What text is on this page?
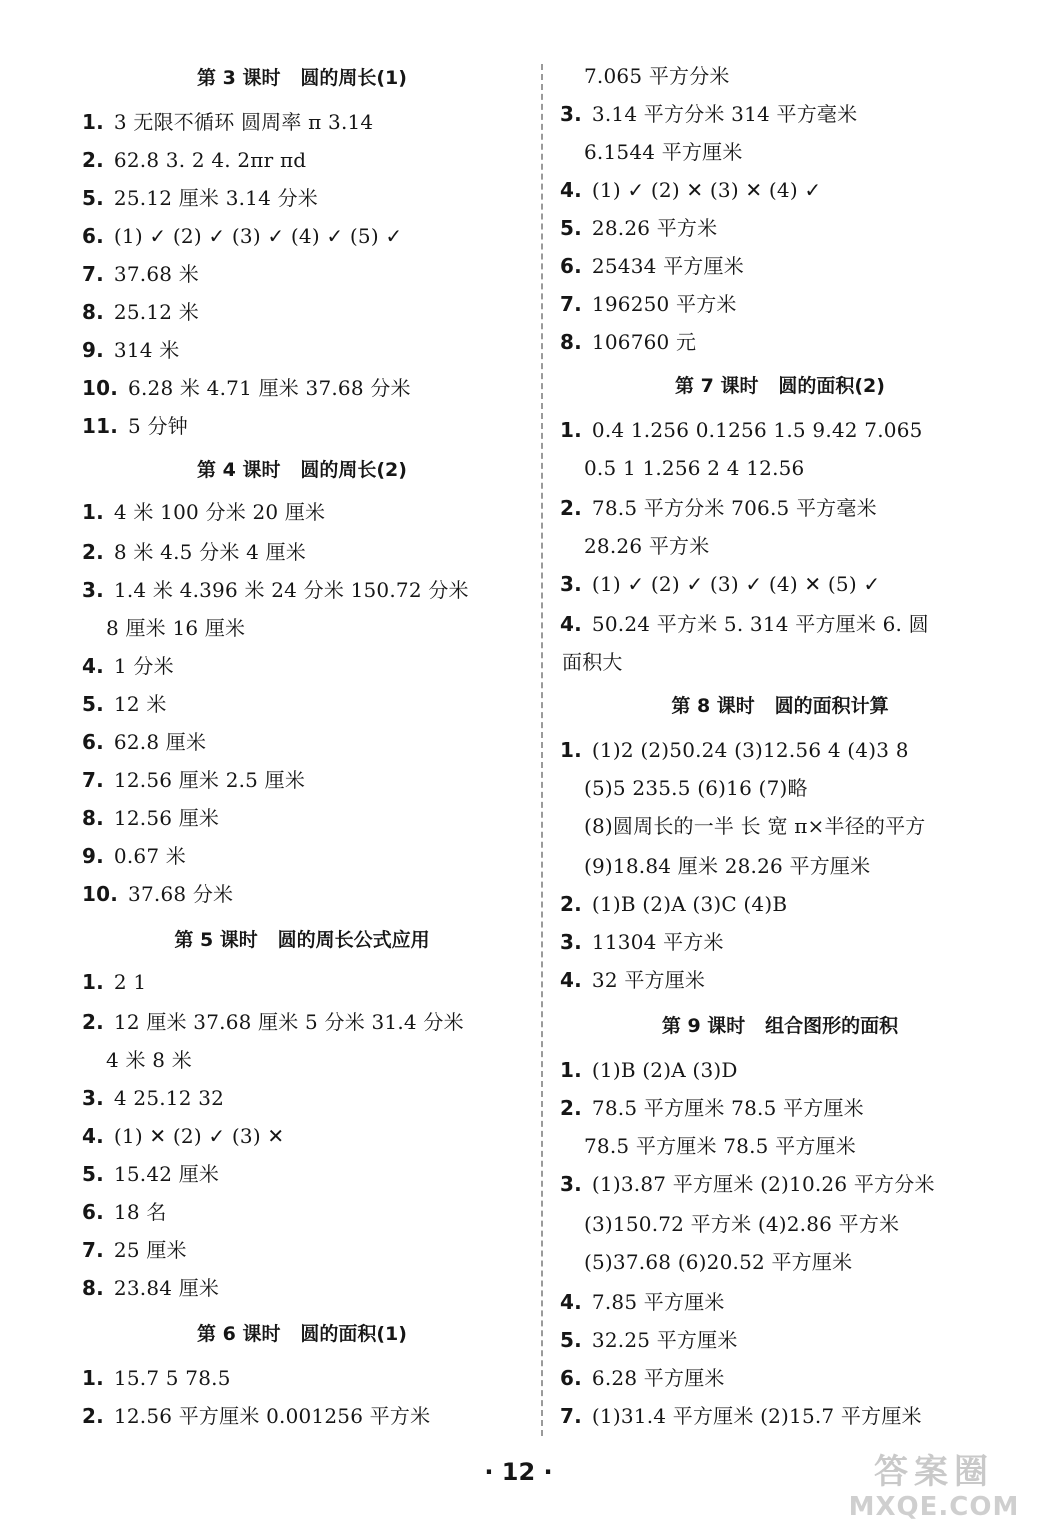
第 3 课时   圆的周长(1)
1. 3 无限不循环 圆周率 π 3.14
2. 62.8 3. 2 4. 2πr πd
5. 25.12 厘米 3.14 分米
6. (1) ✓ (2) ✓ (3) ✓ (4) ✓ (5) ✓
7. 37.68 米
8. 25.12 米
9. 314 米
10. 6.28 米 4.71 厘米 37.68 分米
11. 5 分钟
第 4 课时   圆的周长(2)
1. 4 米 100 分米 20 厘米
2. 8 米 4.5 分米 4 厘米
3. 1.4 米 4.396 米 24 分米 150.72 分米
8 厘米 16 厘米
4. 1 分米
5. 12 米
6. 62.8 厘米
7. 12.56 厘米 2.5 厘米
8. 12.56 厘米
9. 0.67 米
10. 37.68 分米
第 5 课时   圆的周长公式应用
1. 2 1
2. 12 厘米 37.68 厘米 5 分米 31.4 分米
4 米 8 米
3. 4 25.12 32
4. (1) ✕ (2) ✓ (3) ✕
5. 15.42 厘米
6. 18 名
7. 25 厘米
8. 23.84 厘米
第 6 课时   圆的面积(1)
1. 15.7 5 78.5
2. 12.56 平方厘米 0.001256 平方米
7.065 平方分米
3. 3.14 平方分米 314 平方毫米
6.1544 平方厘米
4. (1) ✓ (2) ✕ (3) ✕ (4) ✓
5. 28.26 平方米
6. 25434 平方厘米
7. 196250 平方米
8. 106760 元
第 7 课时   圆的面积(2)
1. 0.4 1.256 0.1256 1.5 9.42 7.065
0.5 1 1.256 2 4 12.56
2. 78.5 平方分米 706.5 平方毫米
28.26 平方米
3. (1) ✓ (2) ✓ (3) ✓ (4) ✕ (5) ✓
4. 50.24 平方米 5. 314 平方厘米 6. 圆
面积大
第 8 课时   圆的面积计算
1. (1)2 (2)50.24 (3)12.56 4 (4)3 8
(5)5 235.5 (6)16 (7)略
(8)圆周长的一半 长 宽 π×半径的平方
(9)18.84 厘米 28.26 平方厘米
2. (1)B (2)A (3)C (4)B
3. 11304 平方米
4. 32 平方厘米
第 9 课时   组合图形的面积
1. (1)B (2)A (3)D
2. 78.5 平方厘米 78.5 平方厘米
78.5 平方厘米 78.5 平方厘米
3. (1)3.87 平方厘米 (2)10.26 平方分米
(3)150.72 平方米 (4)2.86 平方米
(5)37.68 (6)20.52 平方厘米
4. 7.85 平方厘米
5. 32.25 平方厘米
6. 6.28 平方厘米
7. (1)31.4 平方厘米 (2)15.7 平方厘米
· 12 ·	答案圈
MXQE.COM
